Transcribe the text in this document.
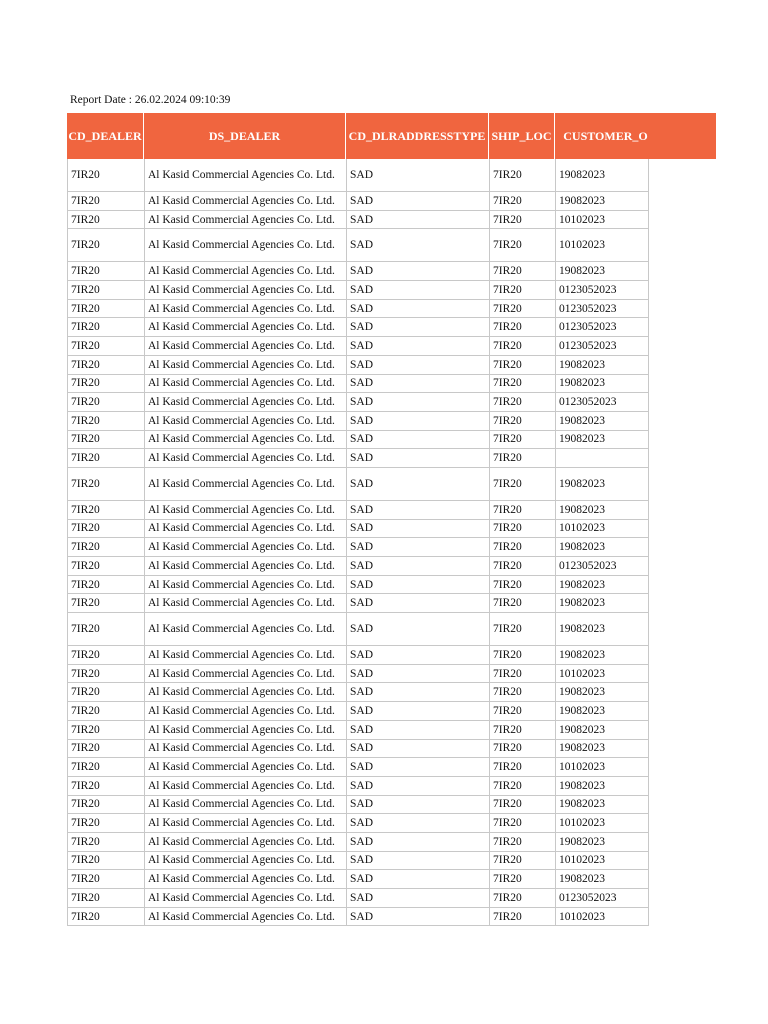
Report Date : 26.02.2024 09:10:39
CD_DEALER	DS_DEALER	CD_DLRADDRESSTYPE SHIP_LOC CUSTOMER_O
7IR20	Al Kasid Commercial Agencies Co. Ltd.	SAD	7IR20	19082023
7IR20	Al Kasid Commercial Agencies Co. Ltd.	SAD	7IR20	19082023
7IR20	Al Kasid Commercial Agencies Co. Ltd.	SAD	7IR20	10102023
7IR20	Al Kasid Commercial Agencies Co. Ltd.	SAD	7IR20	10102023
7IR20	Al Kasid Commercial Agencies Co. Ltd.	SAD	7IR20	19082023
7IR20	Al Kasid Commercial Agencies Co. Ltd.	SAD	7IR20	0123052023
7IR20	Al Kasid Commercial Agencies Co. Ltd.	SAD	7IR20	0123052023
7IR20	Al Kasid Commercial Agencies Co. Ltd.	SAD	7IR20	0123052023
7IR20	Al Kasid Commercial Agencies Co. Ltd.	SAD	7IR20	0123052023
7IR20	Al Kasid Commercial Agencies Co. Ltd.	SAD	7IR20	19082023
7IR20	Al Kasid Commercial Agencies Co. Ltd.	SAD	7IR20	19082023
7IR20	Al Kasid Commercial Agencies Co. Ltd.	SAD	7IR20	0123052023
7IR20	Al Kasid Commercial Agencies Co. Ltd.	SAD	7IR20	19082023
7IR20	Al Kasid Commercial Agencies Co. Ltd.	SAD	7IR20	19082023
7IR20	Al Kasid Commercial Agencies Co. Ltd.	SAD	7IR20
7IR20	Al Kasid Commercial Agencies Co. Ltd.	SAD	7IR20	19082023
7IR20	Al Kasid Commercial Agencies Co. Ltd.	SAD	7IR20	19082023
7IR20	Al Kasid Commercial Agencies Co. Ltd.	SAD	7IR20	10102023
7IR20	Al Kasid Commercial Agencies Co. Ltd.	SAD	7IR20	19082023
7IR20	Al Kasid Commercial Agencies Co. Ltd.	SAD	7IR20	0123052023
7IR20	Al Kasid Commercial Agencies Co. Ltd.	SAD	7IR20	19082023
7IR20	Al Kasid Commercial Agencies Co. Ltd.	SAD	7IR20	19082023
7IR20	Al Kasid Commercial Agencies Co. Ltd.	SAD	7IR20	19082023
7IR20	Al Kasid Commercial Agencies Co. Ltd.	SAD	7IR20	19082023
7IR20	Al Kasid Commercial Agencies Co. Ltd.	SAD	7IR20	10102023
7IR20	Al Kasid Commercial Agencies Co. Ltd.	SAD	7IR20	19082023
7IR20	Al Kasid Commercial Agencies Co. Ltd.	SAD	7IR20	19082023
7IR20	Al Kasid Commercial Agencies Co. Ltd.	SAD	7IR20	19082023
7IR20	Al Kasid Commercial Agencies Co. Ltd.	SAD	7IR20	19082023
7IR20	Al Kasid Commercial Agencies Co. Ltd.	SAD	7IR20	10102023
7IR20	Al Kasid Commercial Agencies Co. Ltd.	SAD	7IR20	19082023
7IR20	Al Kasid Commercial Agencies Co. Ltd.	SAD	7IR20	19082023
7IR20	Al Kasid Commercial Agencies Co. Ltd.	SAD	7IR20	10102023
7IR20	Al Kasid Commercial Agencies Co. Ltd.	SAD	7IR20	19082023
7IR20	Al Kasid Commercial Agencies Co. Ltd.	SAD	7IR20	10102023
7IR20	Al Kasid Commercial Agencies Co. Ltd.	SAD	7IR20	19082023
7IR20	Al Kasid Commercial Agencies Co. Ltd.	SAD	7IR20	0123052023
7IR20	Al Kasid Commercial Agencies Co. Ltd.	SAD	7IR20	10102023
